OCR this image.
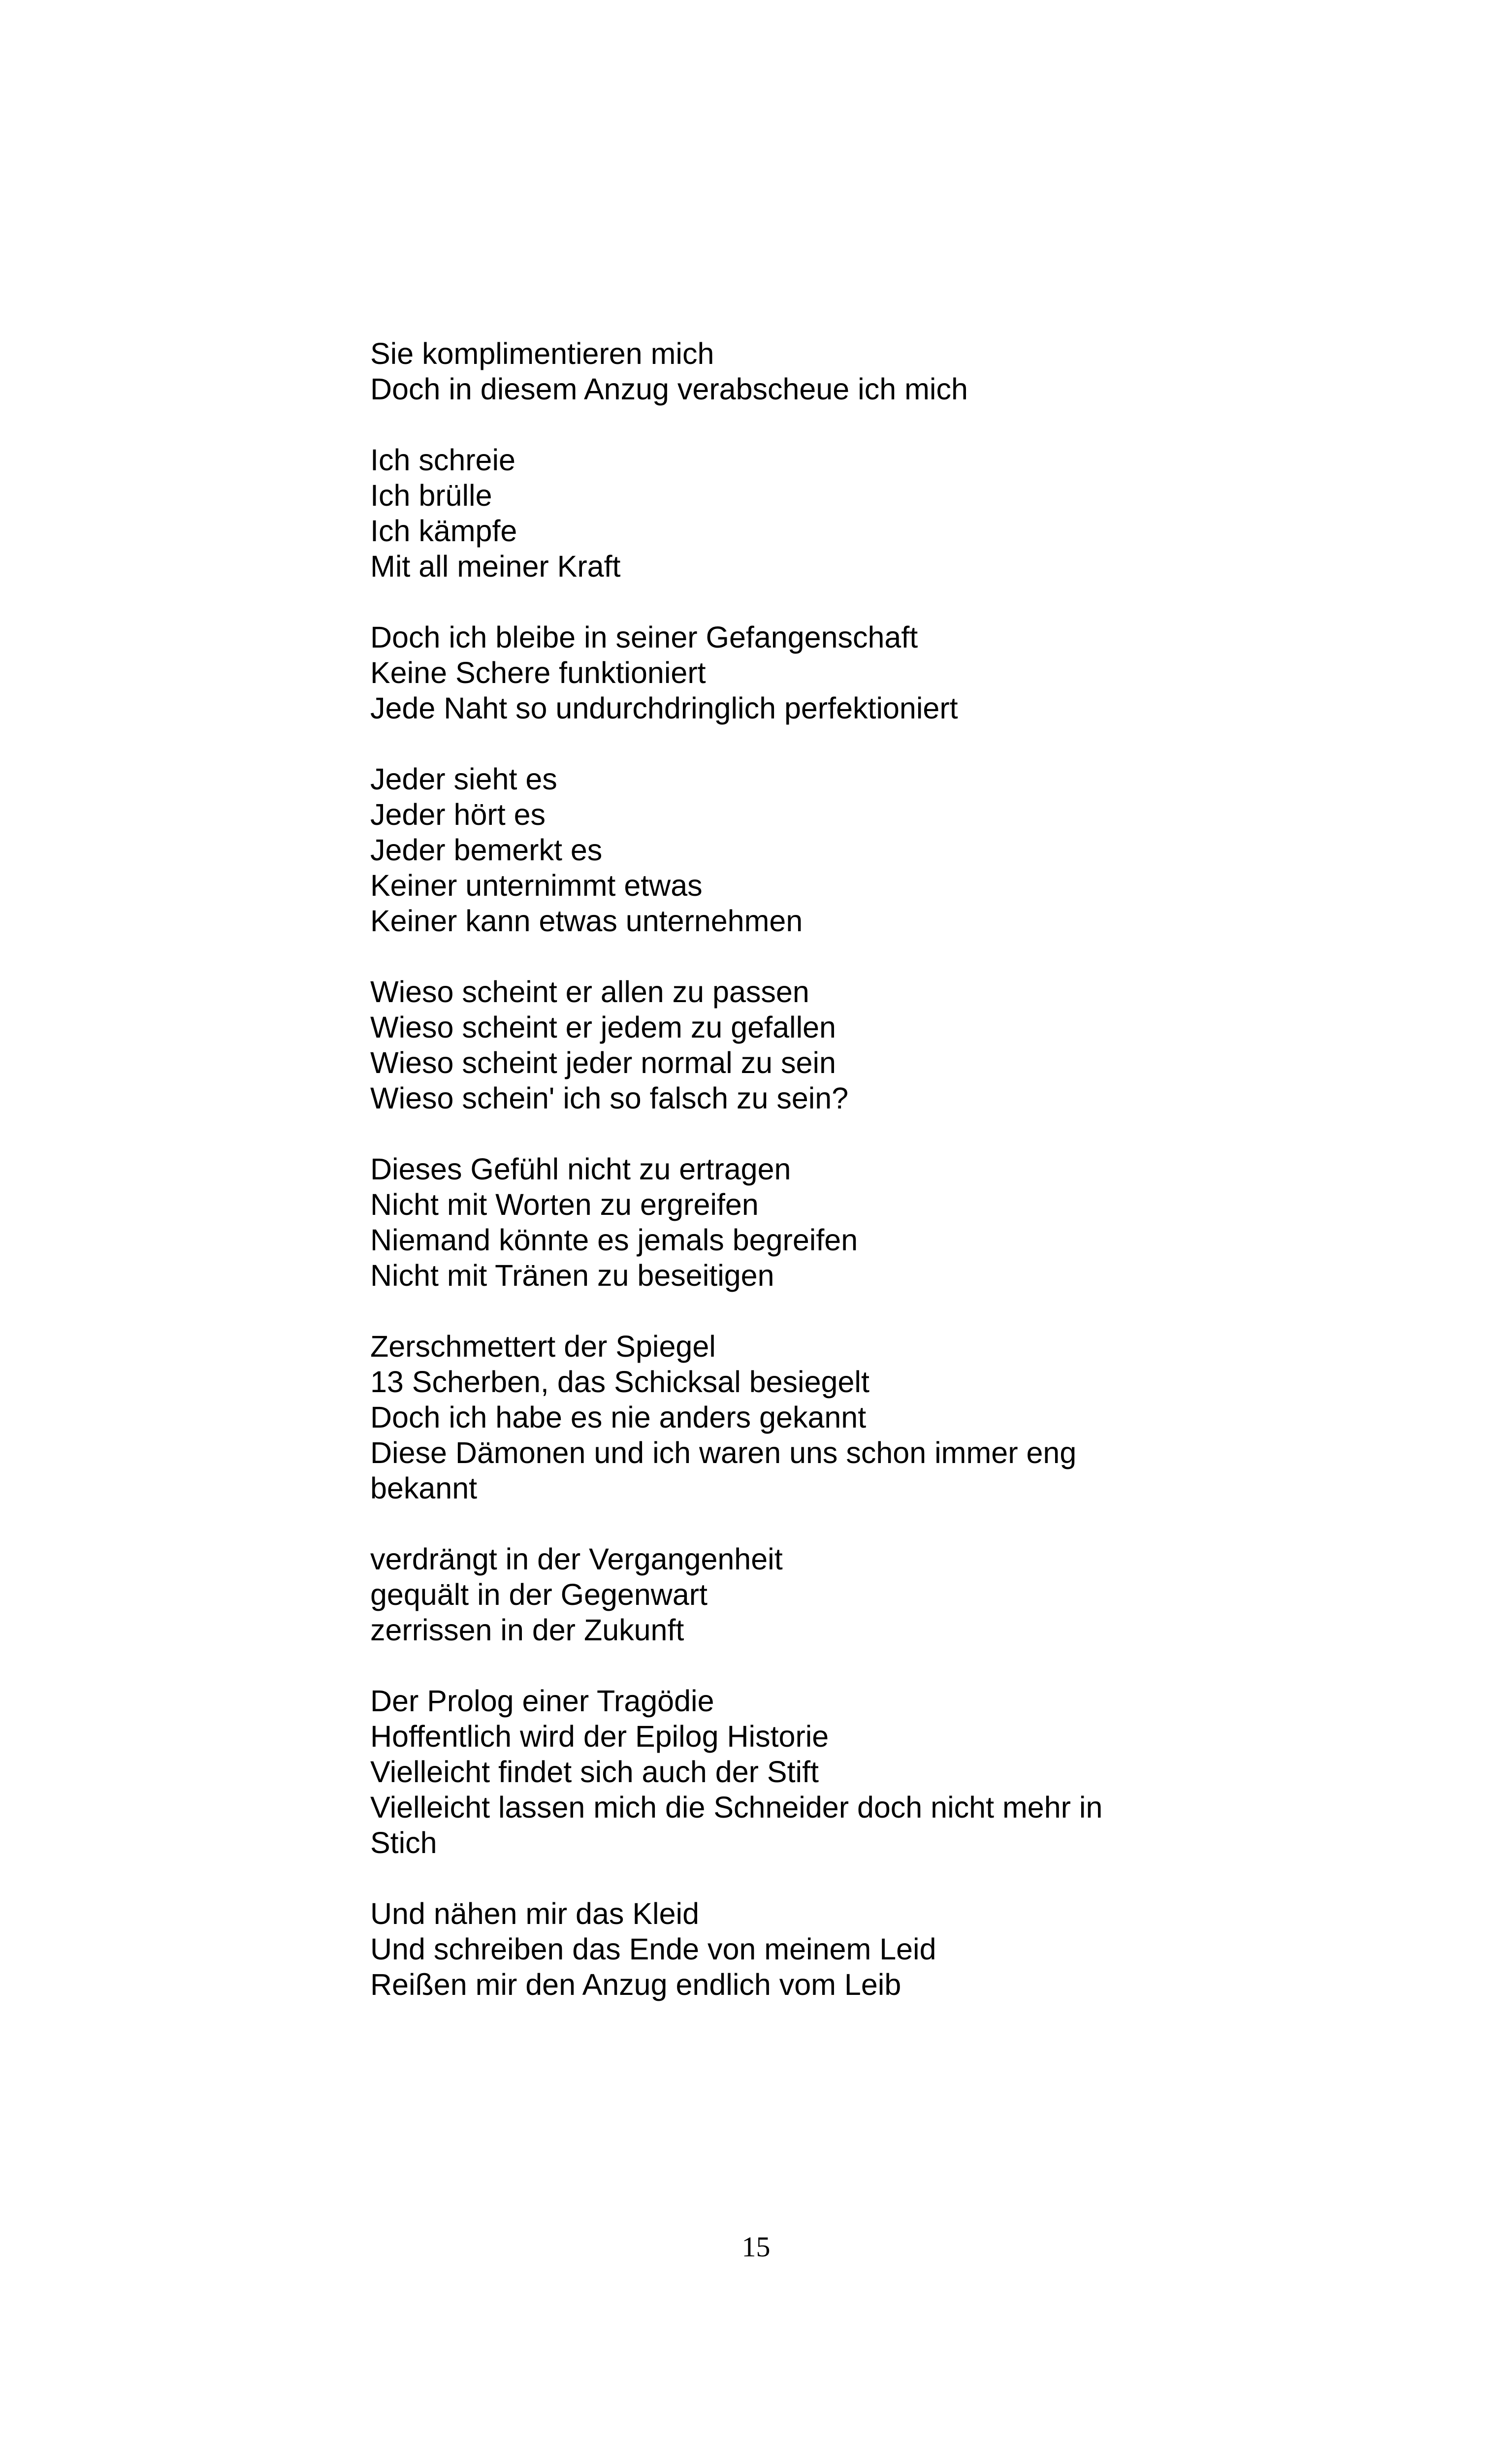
Sie komplimentieren mich
Doch in diesem Anzug verabscheue ich mich
Ich schreie
Ich brülle
Ich kämpfe
Mit all meiner Kraft
Doch ich bleibe in seiner Gefangenschaft
Keine Schere funktioniert
Jede Naht so undurchdringlich perfektioniert
Jeder sieht es
Jeder hört es
Jeder bemerkt es
Keiner unternimmt etwas
Keiner kann etwas unternehmen
Wieso scheint er allen zu passen
Wieso scheint er jedem zu gefallen
Wieso scheint jeder normal zu sein
Wieso schein' ich so falsch zu sein?
Dieses Gefühl nicht zu ertragen
Nicht mit Worten zu ergreifen
Niemand könnte es jemals begreifen
Nicht mit Tränen zu beseitigen
Zerschmettert der Spiegel
13 Scherben, das Schicksal besiegelt
Doch ich habe es nie anders gekannt
Diese Dämonen und ich waren uns schon immer eng
bekannt
verdrängt in der Vergangenheit
gequält in der Gegenwart
zerrissen in der Zukunft
Der Prolog einer Tragödie
Hoffentlich wird der Epilog Historie
Vielleicht findet sich auch der Stift
Vielleicht lassen mich die Schneider doch nicht mehr in
Stich
Und nähen mir das Kleid
Und schreiben das Ende von meinem Leid
Reißen mir den Anzug endlich vom Leib
15
